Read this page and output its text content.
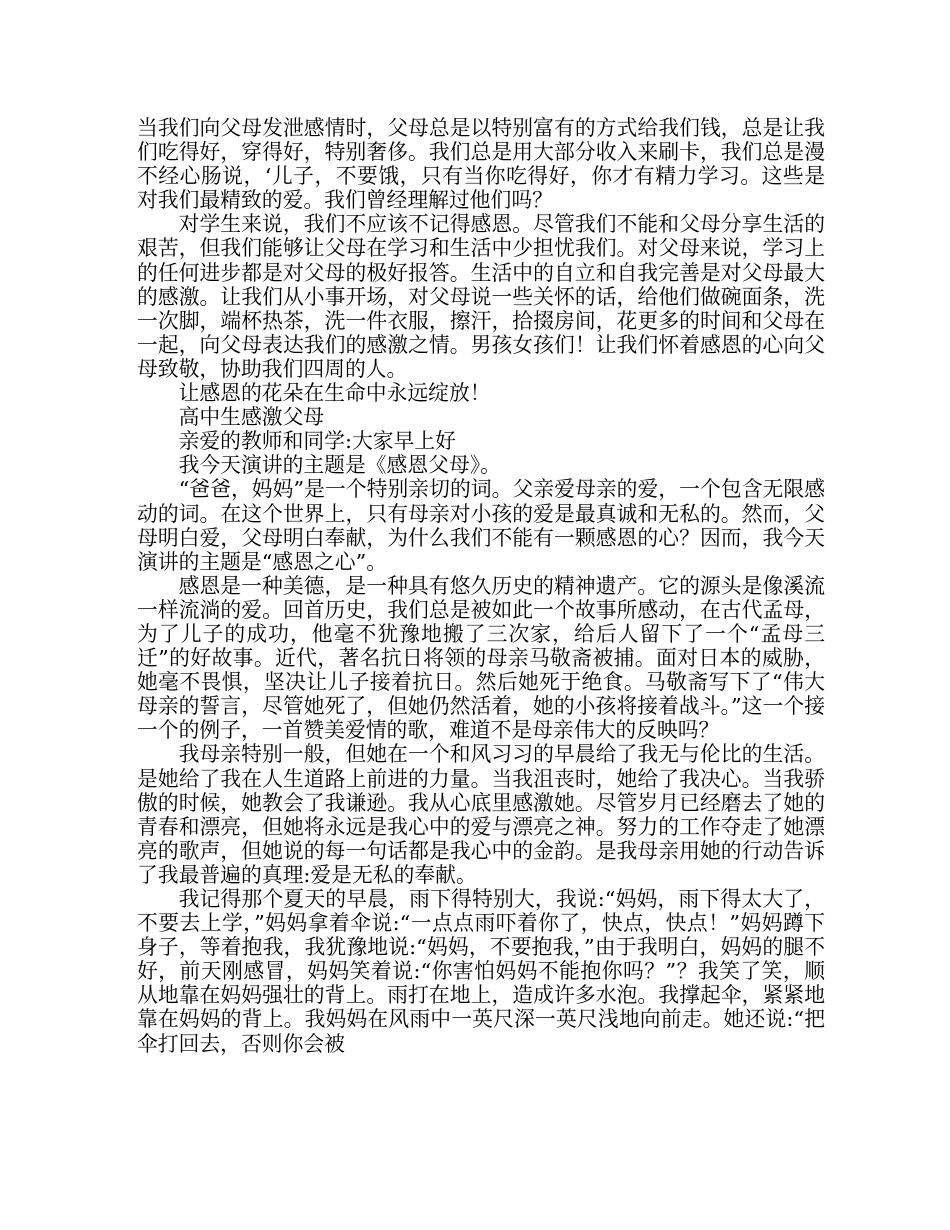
当我们向父母发泄感情时，父母总是以特别富有的方式给我们钱，总是让我们吃得好，穿得好，特别奢侈。我们总是用大部分收入来刷卡，我们总是漫不经心肠说，‘儿子，不要饿，只有当你吃得好，你才有精力学习。这些是对我们最精致的爱。我们曾经理解过他们吗？

对学生来说，我们不应该不记得感恩。尽管我们不能和父母分享生活的艰苦，但我们能够让父母在学习和生活中少担忧我们。对父母来说，学习上的任何进步都是对父母的极好报答。生活中的自立和自我完善是对父母最大的感激。让我们从小事开场，对父母说一些关怀的话，给他们做碗面条，洗一次脚，端杯热茶，洗一件衣服，擦汗，拾掇房间，花更多的时间和父母在一起，向父母表达我们的感激之情。男孩女孩们！让我们怀着感恩的心向父母致敬，协助我们四周的人。

让感恩的花朵在生命中永远绽放！

高中生感激父母

亲爱的教师和同学:大家早上好

我今天演讲的主题是《感恩父母》。

“爸爸，妈妈”是一个特别亲切的词。父亲爱母亲的爱，一个包含无限感动的词。在这个世界上，只有母亲对小孩的爱是最真诚和无私的。然而，父母明白爱，父母明白奉献，为什么我们不能有一颗感恩的心？因而，我今天演讲的主题是“感恩之心”。

感恩是一种美德，是一种具有悠久历史的精神遗产。它的源头是像溪流一样流淌的爱。回首历史，我们总是被如此一个故事所感动，在古代孟母，为了儿子的成功，他毫不犹豫地搬了三次家，给后人留下了一个“孟母三迁”的好故事。近代，著名抗日将领的母亲马敬斋被捕。面对日本的威胁，她毫不畏惧，坚决让儿子接着抗日。然后她死于绝食。马敬斋写下了“伟大母亲的誓言，尽管她死了，但她仍然活着，她的小孩将接着战斗。”这一个接一个的例子，一首赞美爱情的歌，难道不是母亲伟大的反映吗？

我母亲特别一般，但她在一个和风习习的早晨给了我无与伦比的生活。是她给了我在人生道路上前进的力量。当我沮丧时，她给了我决心。当我骄傲的时候，她教会了我谦逊。我从心底里感激她。尽管岁月已经磨去了她的青春和漂亮，但她将永远是我心中的爱与漂亮之神。努力的工作夺走了她漂亮的歌声，但她说的每一句话都是我心中的金韵。是我母亲用她的行动告诉了我最普遍的真理:爱是无私的奉献。

我记得那个夏天的早晨，雨下得特别大，我说:“妈妈，雨下得太大了，不要去上学，”妈妈拿着伞说:“一点点雨吓着你了，快点，快点！”妈妈蹲下身子，等着抱我，我犹豫地说:“妈妈，不要抱我，”由于我明白，妈妈的腿不好，前天刚感冒，妈妈笑着说:“你害怕妈妈不能抱你吗？”？我笑了笑，顺从地靠在妈妈强壮的背上。雨打在地上，造成许多水泡。我撑起伞，紧紧地靠在妈妈的背上。我妈妈在风雨中一英尺深一英尺浅地向前走。她还说:“把伞打回去，否则你会被
